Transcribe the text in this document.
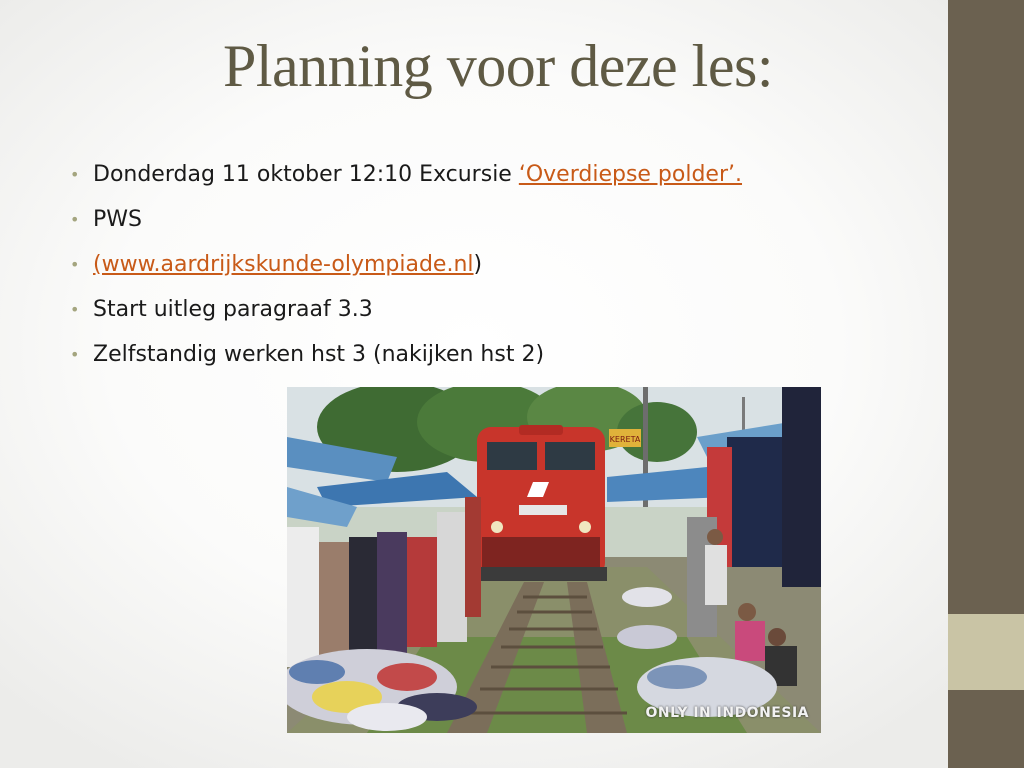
Planning voor deze les:
• Donderdag 11 oktober 12:10 Excursie ‘Overdiepse polder’.
• PWS
• (www.aardrijkskunde-olympiade.nl)
• Start uitleg paragraaf 3.3
• Zelfstandig werken hst 3 (nakijken hst 2)
KERETA
ONLY IN INDONESIA
